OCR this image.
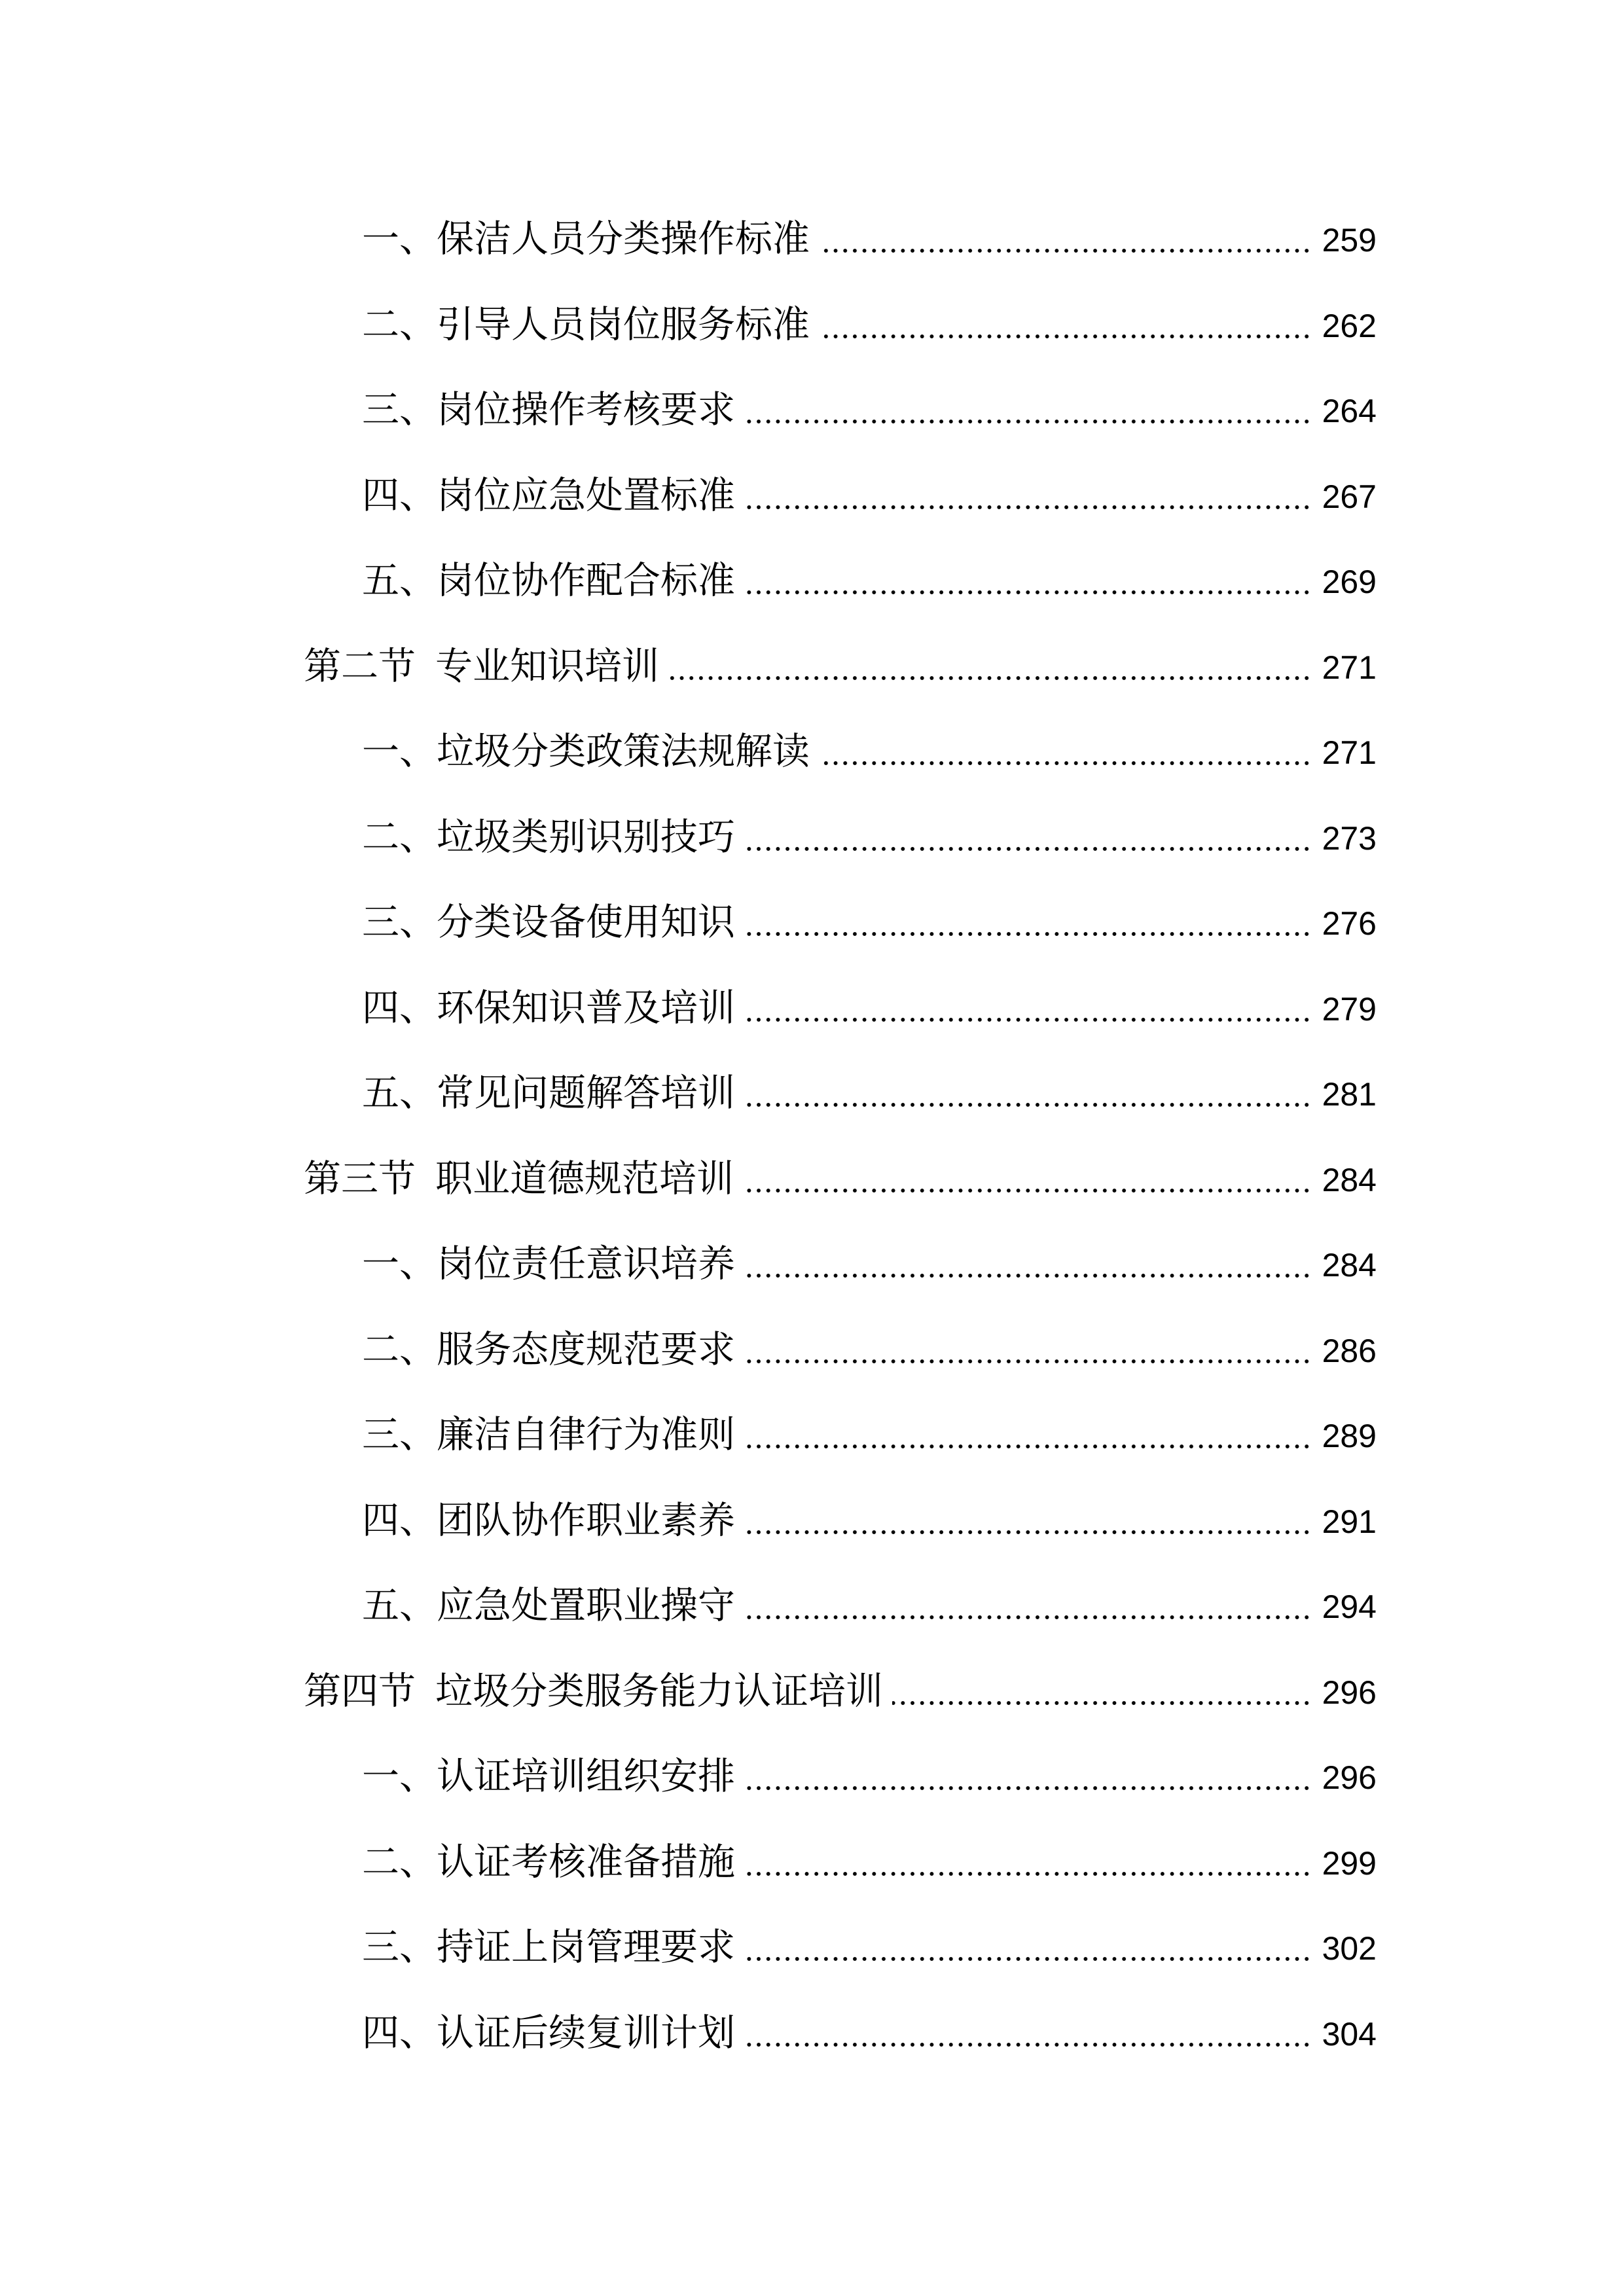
一、保洁人员分类操作标准	259
二、引导人员岗位服务标准	262
三、岗位操作考核要求	264
四、岗位应急处置标准	267
五、岗位协作配合标准	269
第二节 专业知识培训	271
一、垃圾分类政策法规解读	271
二、垃圾类别识别技巧	273
三、分类设备使用知识	276
四、环保知识普及培训	279
五、常见问题解答培训	281
第三节 职业道德规范培训	284
一、岗位责任意识培养	284
二、服务态度规范要求	286
三、廉洁自律行为准则	289
四、团队协作职业素养	291
五、应急处置职业操守	294
第四节 垃圾分类服务能力认证培训	296
一、认证培训组织安排	296
二、认证考核准备措施	299
三、持证上岗管理要求	302
四、认证后续复训计划	304
